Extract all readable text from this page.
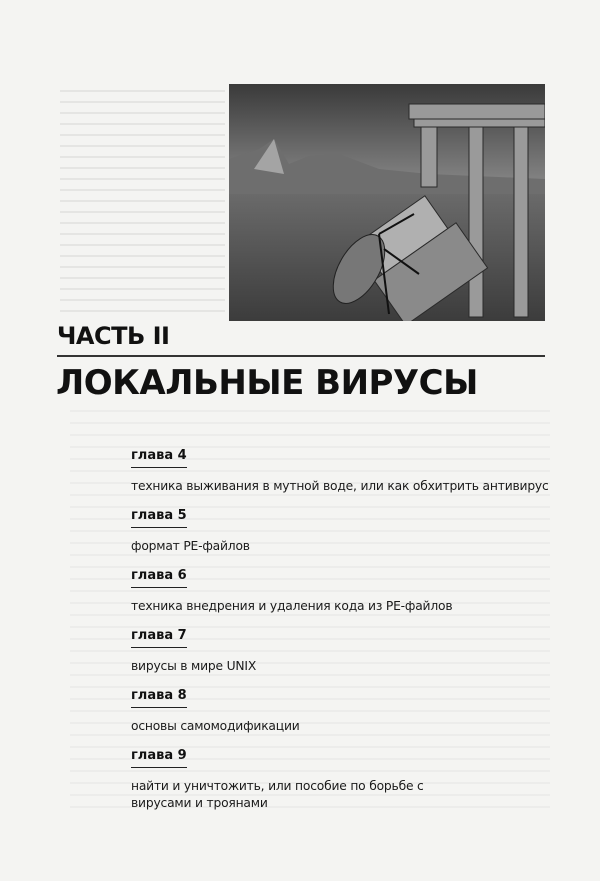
ЧАСТЬ II
ЛОКАЛЬНЫЕ ВИРУСЫ
глава 4
техника выживания в мутной воде, или как обхитрить антивирус
глава 5
формат PE-файлов
глава 6
техника внедрения и удаления кода из PE-файлов
глава 7
вирусы в мире UNIX
глава 8
основы самомодификации
глава 9
найти и уничтожить, или пособие по борьбе с вирусами и троянами
